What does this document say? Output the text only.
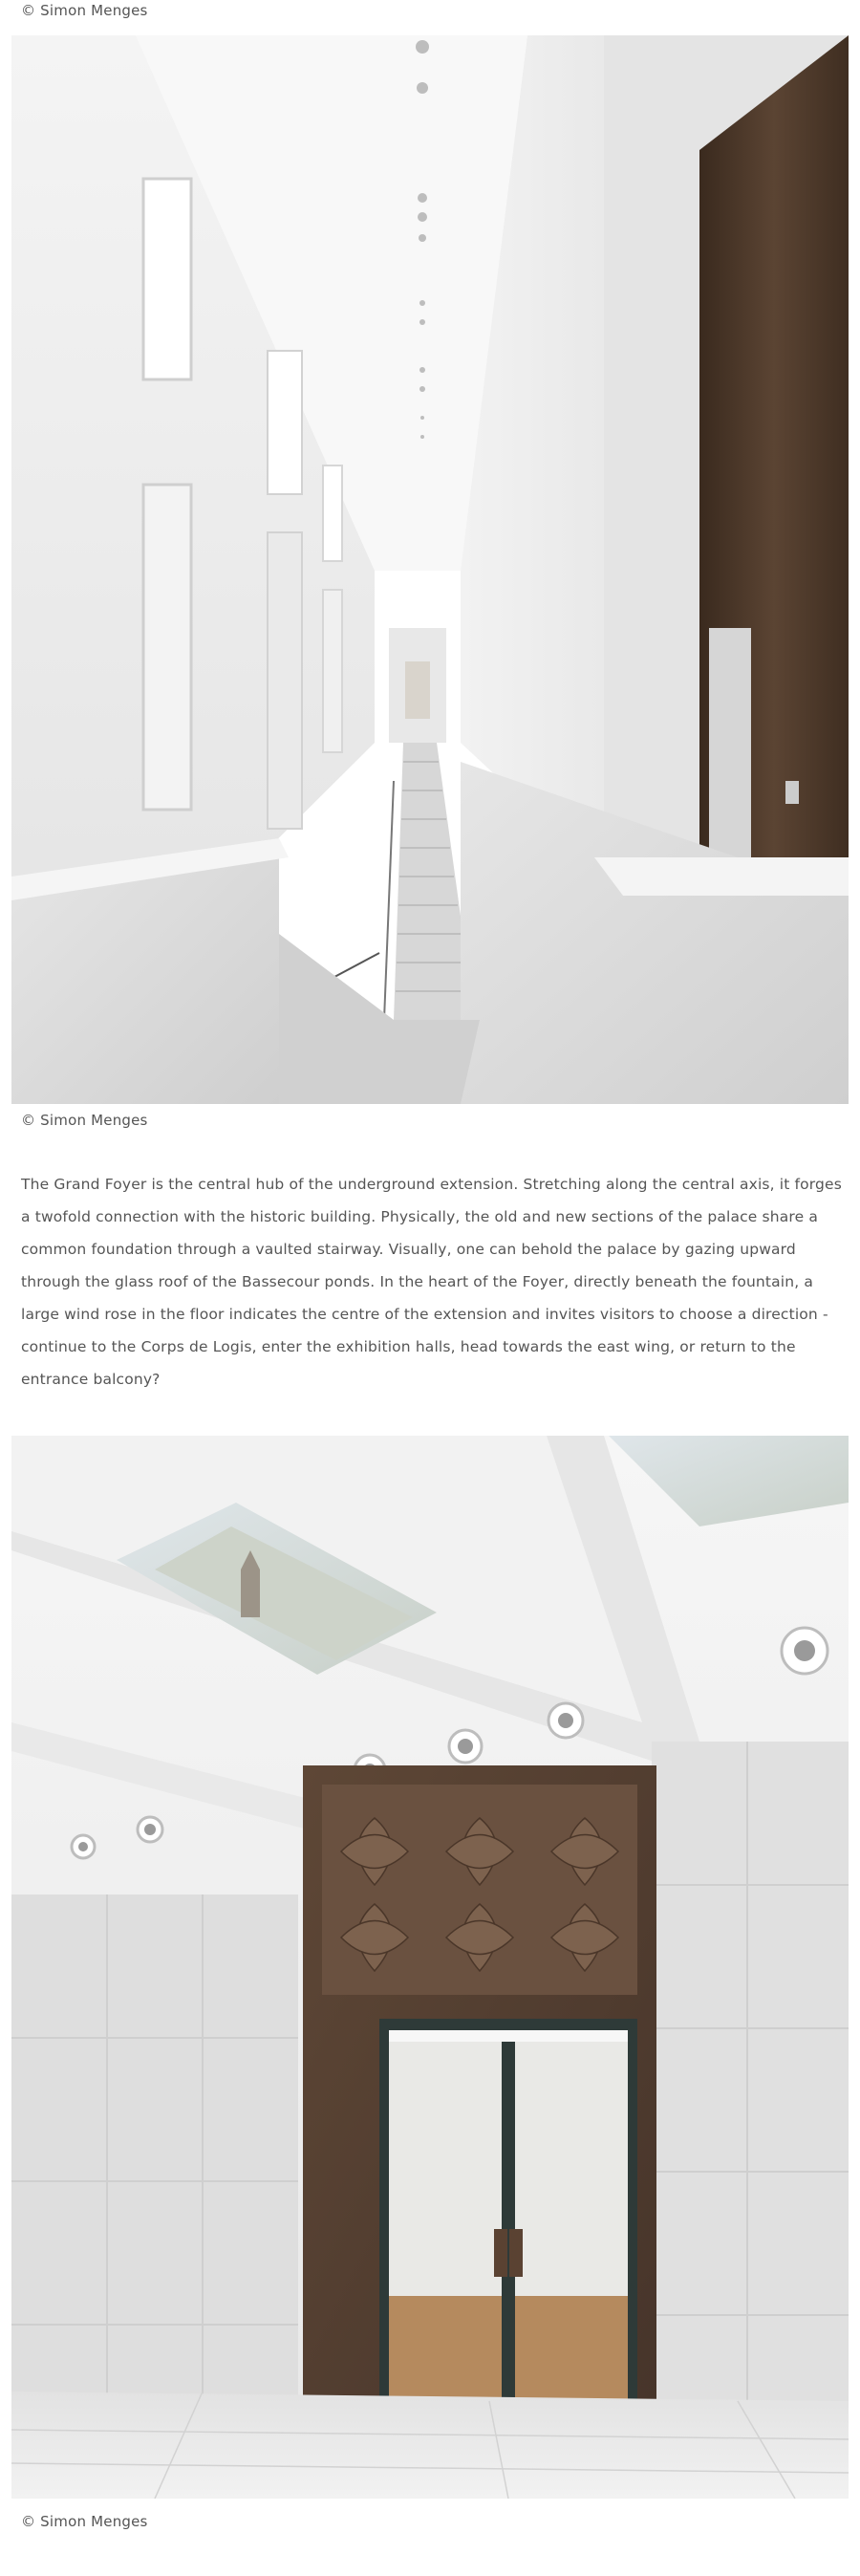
© Simon Menges
© Simon Menges

The Grand Foyer is the central hub of the underground extension. Stretching along the central axis, it forges a twofold connection with the historic building. Physically, the old and new sections of the palace share a common foundation through a vaulted stairway. Visually, one can behold the palace by gazing upward through the glass roof of the Bassecour ponds. In the heart of the Foyer, directly beneath the fountain, a large wind rose in the floor indicates the centre of the extension and invites visitors to choose a direction - continue to the Corps de Logis, enter the exhibition halls, head towards the east wing, or return to the entrance balcony?

© Simon Menges
